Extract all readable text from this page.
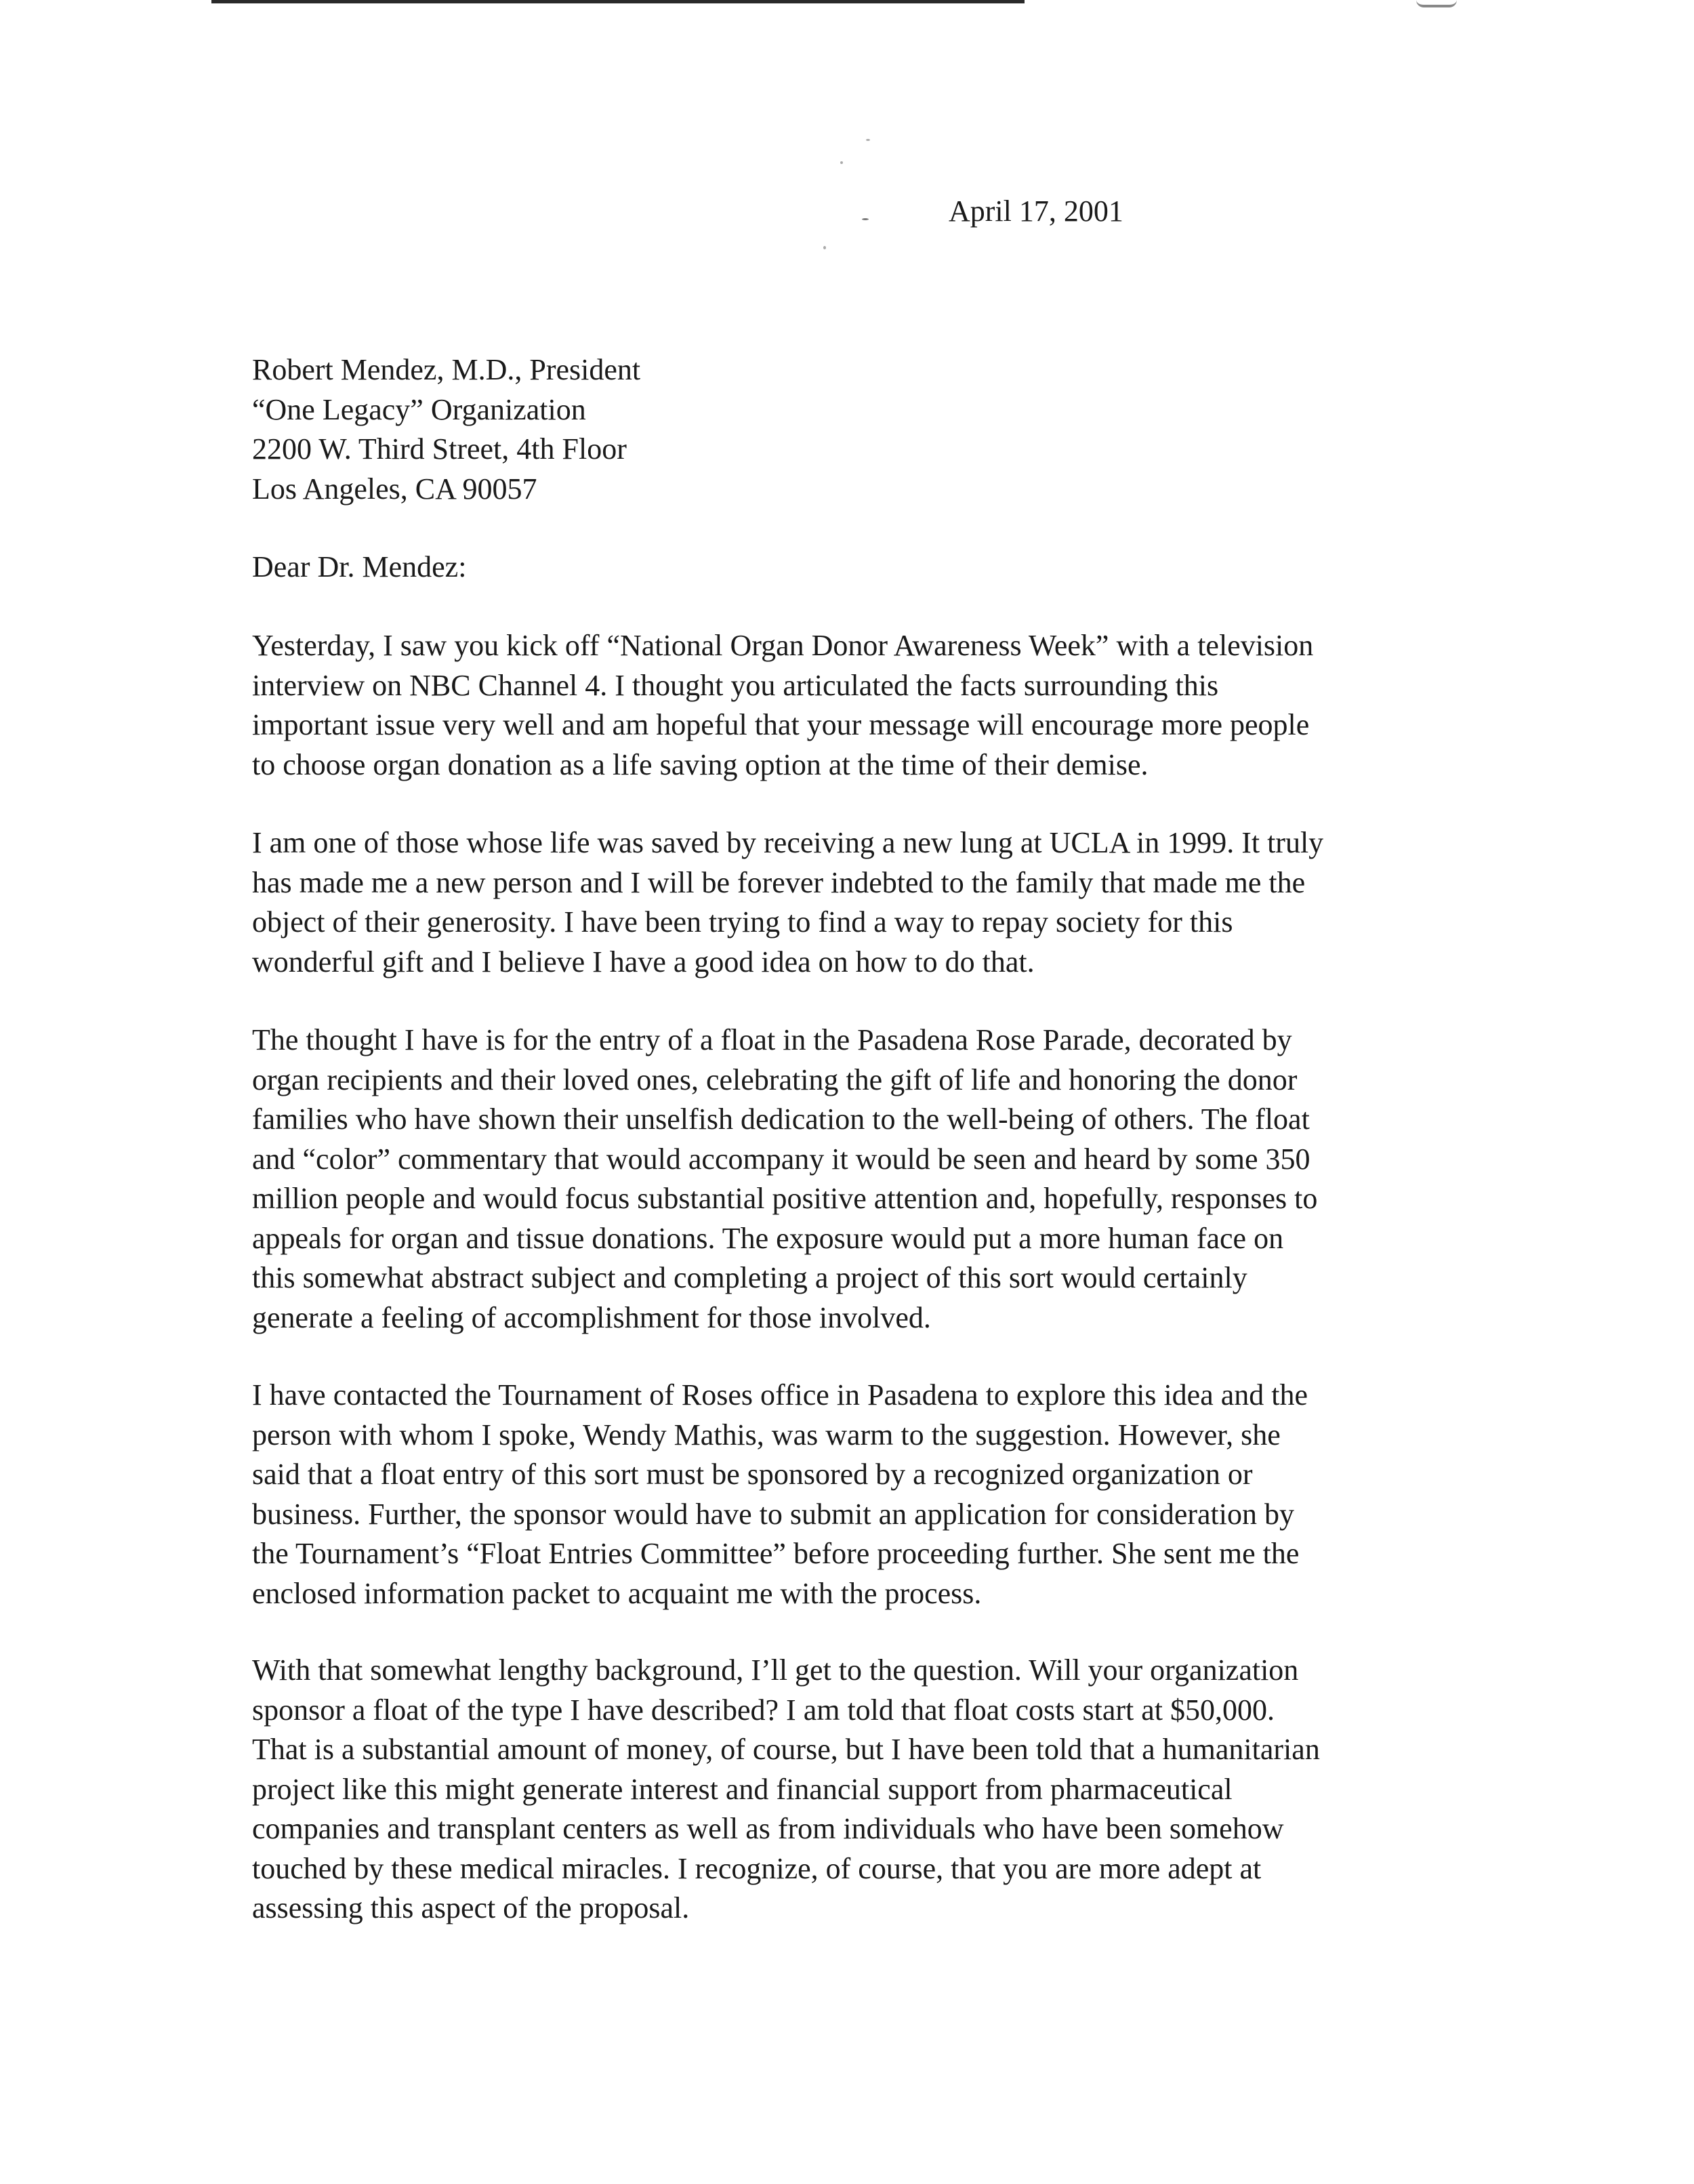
April 17, 2001
Robert Mendez, M.D., President
“One Legacy” Organization
2200 W. Third Street, 4th Floor
Los Angeles, CA 90057
Dear Dr. Mendez:
Yesterday, I saw you kick off “National Organ Donor Awareness Week” with a television
interview on NBC Channel 4. I thought you articulated the facts surrounding this
important issue very well and am hopeful that your message will encourage more people
to choose organ donation as a life saving option at the time of their demise.
I am one of those whose life was saved by receiving a new lung at UCLA in 1999. It truly
has made me a new person and I will be forever indebted to the family that made me the
object of their generosity. I have been trying to find a way to repay society for this
wonderful gift and I believe I have a good idea on how to do that.
The thought I have is for the entry of a float in the Pasadena Rose Parade, decorated by
organ recipients and their loved ones, celebrating the gift of life and honoring the donor
families who have shown their unselfish dedication to the well-being of others. The float
and “color” commentary that would accompany it would be seen and heard by some 350
million people and would focus substantial positive attention and, hopefully, responses to
appeals for organ and tissue donations. The exposure would put a more human face on
this somewhat abstract subject and completing a project of this sort would certainly
generate a feeling of accomplishment for those involved.
I have contacted the Tournament of Roses office in Pasadena to explore this idea and the
person with whom I spoke, Wendy Mathis, was warm to the suggestion. However, she
said that a float entry of this sort must be sponsored by a recognized organization or
business. Further, the sponsor would have to submit an application for consideration by
the Tournament’s “Float Entries Committee” before proceeding further. She sent me the
enclosed information packet to acquaint me with the process.
With that somewhat lengthy background, I’ll get to the question. Will your organization
sponsor a float of the type I have described? I am told that float costs start at $50,000.
That is a substantial amount of money, of course, but I have been told that a humanitarian
project like this might generate interest and financial support from pharmaceutical
companies and transplant centers as well as from individuals who have been somehow
touched by these medical miracles. I recognize, of course, that you are more adept at
assessing this aspect of the proposal.
